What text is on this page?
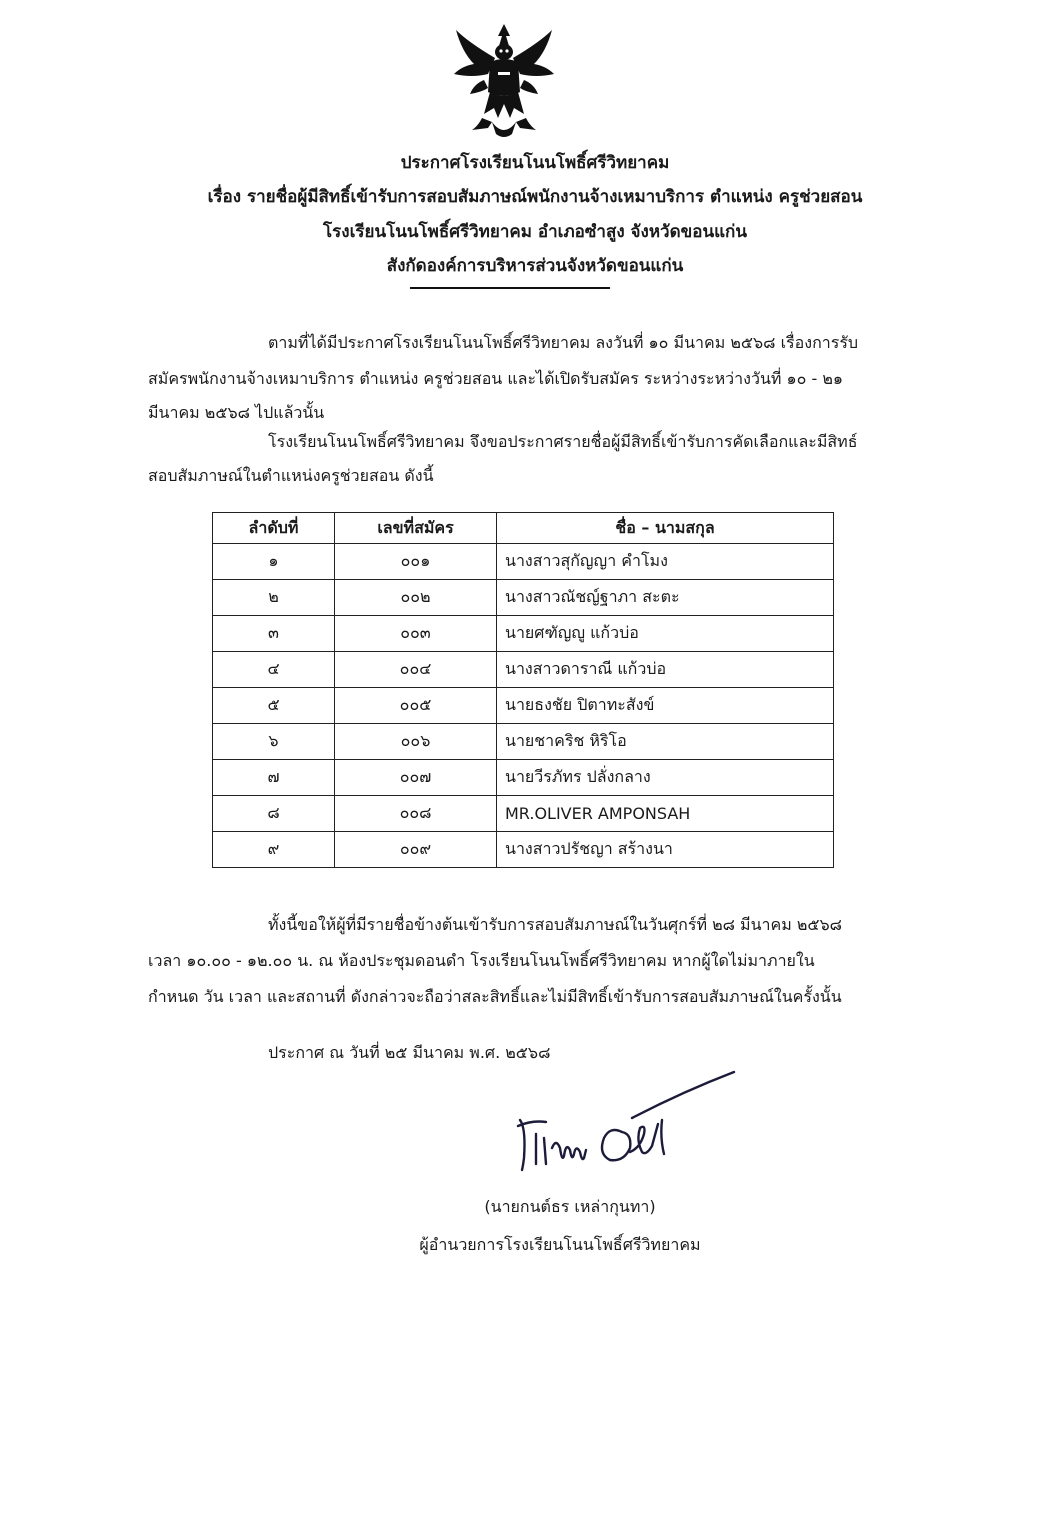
ประกาศโรงเรียนโนนโพธิ์ศรีวิทยาคม
เรื่อง รายชื่อผู้มีสิทธิ์เข้ารับการสอบสัมภาษณ์พนักงานจ้างเหมาบริการ ตำแหน่ง ครูช่วยสอน
โรงเรียนโนนโพธิ์ศรีวิทยาคม อำเภอซำสูง จังหวัดขอนแก่น
สังกัดองค์การบริหารส่วนจังหวัดขอนแก่น
ตามที่ได้มีประกาศโรงเรียนโนนโพธิ์ศรีวิทยาคม ลงวันที่ ๑๐ มีนาคม ๒๕๖๘ เรื่องการรับ
สมัครพนักงานจ้างเหมาบริการ ตำแหน่ง ครูช่วยสอน และได้เปิดรับสมัคร ระหว่างระหว่างวันที่ ๑๐ - ๒๑
มีนาคม ๒๕๖๘ ไปแล้วนั้น
โรงเรียนโนนโพธิ์ศรีวิทยาคม จึงขอประกาศรายชื่อผู้มีสิทธิ์เข้ารับการคัดเลือกและมีสิทธ์
สอบสัมภาษณ์ในตำแหน่งครูช่วยสอน ดังนี้
ลำดับที่	เลขที่สมัคร	ชื่อ – นามสกุล
๑	๐๐๑	นางสาวสุกัญญา คำโมง
๒	๐๐๒	นางสาวณัชญ์ฐาภา สะตะ
๓	๐๐๓	นายศฑัญญู แก้วบ่อ
๔	๐๐๔	นางสาวดาราณี แก้วบ่อ
๕	๐๐๕	นายธงชัย ปิตาทะสังข์
๖	๐๐๖	นายชาคริช หิริโอ
๗	๐๐๗	นายวีรภัทร ปลั่งกลาง
๘	๐๐๘	MR.OLIVER AMPONSAH
๙	๐๐๙	นางสาวปรัชญา สร้างนา
ทั้งนี้ขอให้ผู้ที่มีรายชื่อข้างต้นเข้ารับการสอบสัมภาษณ์ในวันศุกร์ที่ ๒๘ มีนาคม ๒๕๖๘
เวลา ๑๐.๐๐ - ๑๒.๐๐ น. ณ ห้องประชุมดอนดำ โรงเรียนโนนโพธิ์ศรีวิทยาคม หากผู้ใดไม่มาภายใน
กำหนด วัน เวลา และสถานที่ ดังกล่าวจะถือว่าสละสิทธิ์และไม่มีสิทธิ์เข้ารับการสอบสัมภาษณ์ในครั้งนั้น
ประกาศ ณ วันที่ ๒๕ มีนาคม พ.ศ. ๒๕๖๘
(นายกนต์ธร เหล่ากุนทา)
ผู้อำนวยการโรงเรียนโนนโพธิ์ศรีวิทยาคม
